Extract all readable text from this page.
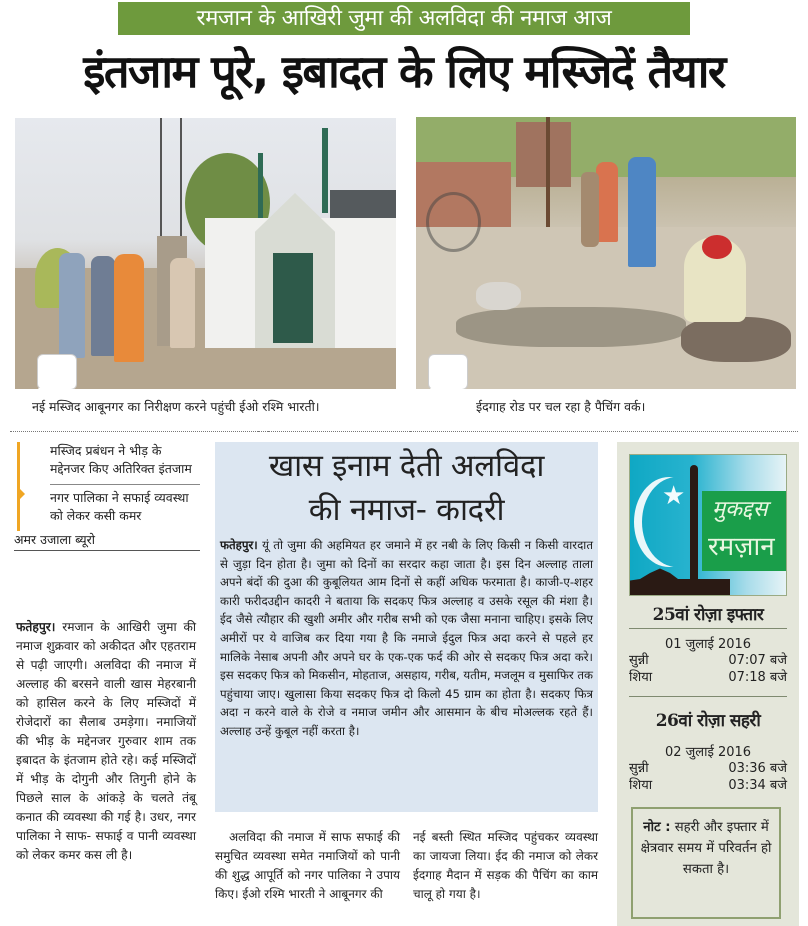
रमजान के आखिरी जुमा की अलविदा की नमाज आज
इंतजाम पूरे, इबादत के लिए मस्जिदें तैयार
नई मस्जिद आबूनगर का निरीक्षण करने पहुंची ईओ रश्मि भारती।	ईदगाह रोड पर चल रहा है पैचिंग वर्क।
मस्जिद प्रबंधन ने भीड़ के मद्देनजर किए अतिरिक्त इंतजाम
नगर पालिका ने सफाई व्यवस्था को लेकर कसी कमर
अमर उजाला ब्यूरो
फतेहपुर। रमजान के आखिरी जुमा की नमाज शुक्रवार को अकीदत और एहतराम से पढ़ी जाएगी। अलविदा की नमाज में अल्लाह की बरसने वाली खास मेहरबानी को हासिल करने के लिए मस्जिदों में रोजेदारों का सैलाब उमड़ेगा। नमाजियों की भीड़ के मद्देनजर गुरुवार शाम तक इबादत के इंतजाम होते रहे। कई मस्जिदों में भीड़ के दोगुनी और तिगुनी होने के पिछले साल के आंकड़े के चलते तंबू कनात की व्यवस्था की गई है। उधर, नगर पालिका ने साफ- सफाई व पानी व्यवस्था को लेकर कमर कस ली है।
खास इनाम देती अलविदा
की नमाज- कादरी
फतेहपुर। यूं तो जुमा की अहमियत हर जमाने में हर नबी के लिए किसी न किसी वारदात से जुड़ा दिन होता है। जुमा को दिनों का सरदार कहा जाता है। इस दिन अल्लाह ताला अपने बंदों की दुआ की कुबूलियत आम दिनों से कहीं अधिक फरमाता है। काजी-ए-शहर कारी फरीदउद्दीन कादरी ने बताया कि सदकए फित्र अल्लाह व उसके रसूल की मंशा है। ईद जैसे त्यौहार की खुशी अमीर और गरीब सभी को एक जैसा मनाना चाहिए। इसके लिए अमीरों पर ये वाजिब कर दिया गया है कि नमाजे ईदुल फित्र अदा करने से पहले हर मालिके नेसाब अपनी और अपने घर के एक-एक फर्द की ओर से सदकए फित्र अदा करे। इस सदकए फित्र को मिकसीन, मोहताज, असहाय, गरीब, यतीम, मजलूम व मुसाफिर तक पहुंचाया जाए। खुलासा किया सदकए फित्र दो किलो 45 ग्राम का होता है। सदकए फित्र अदा न करने वाले के रोजे व नमाज जमीन और आसमान के बीच मोअल्लक रहते हैं। अल्लाह उन्हें कुबूल नहीं करता है।
अलविदा की नमाज में साफ सफाई की समुचित व्यवस्था समेत नमाजियों को पानी की शुद्ध आपूर्ति को नगर पालिका ने उपाय किए। ईओ रश्मि भारती ने आबूनगर की
नई बस्ती स्थित मस्जिद पहुंचकर व्यवस्था का जायजा लिया। ईद की नमाज को लेकर ईदगाह मैदान में सड़क की पैचिंग का काम चालू हो गया है।
★ मुकद्दस
रमज़ान
25वां रोज़ा इफ्तार
01 जुलाई 2016
सुन्नी	07:07 बजे
शिया	07:18 बजे
26वां रोज़ा सहरी
02 जुलाई 2016
सुन्नी	03:36 बजे
शिया	03:34 बजे
नोट : सहरी और इफ्तार में क्षेत्रवार समय में परिवर्तन हो सकता है।
